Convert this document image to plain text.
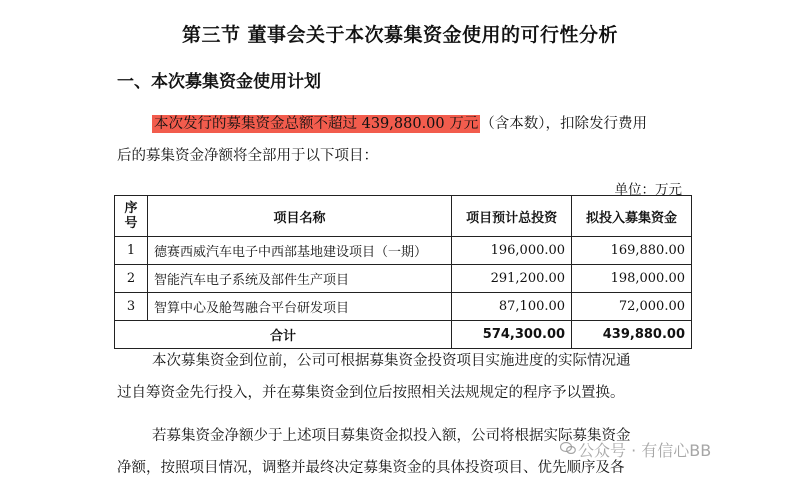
第三节 董事会关于本次募集资金使用的可行性分析
一、本次募集资金使用计划
本次发行的募集资金总额不超过 439,880.00 万元 （含本数），扣除发行费用
后的募集资金净额将全部用于以下项目：
单位：万元
序
号	项目名称	项目预计总投资	拟投入募集资金
1	德赛西威汽车电子中西部基地建设项目（一期）	196,000.00	169,880.00
2	智能汽车电子系统及部件生产项目	291,200.00	198,000.00
3	智算中心及舱驾融合平台研发项目	87,100.00	72,000.00
合计		574,300.00	439,880.00
本次募集资金到位前，公司可根据募集资金投资项目实施进度的实际情况通
过自筹资金先行投入，并在募集资金到位后按照相关法规规定的程序予以置换。
若募集资金净额少于上述项目募集资金拟投入额，公司将根据实际募集资金
净额，按照项目情况，调整并最终决定募集资金的具体投资项目、优先顺序及各
公众号 · 有信心BB
